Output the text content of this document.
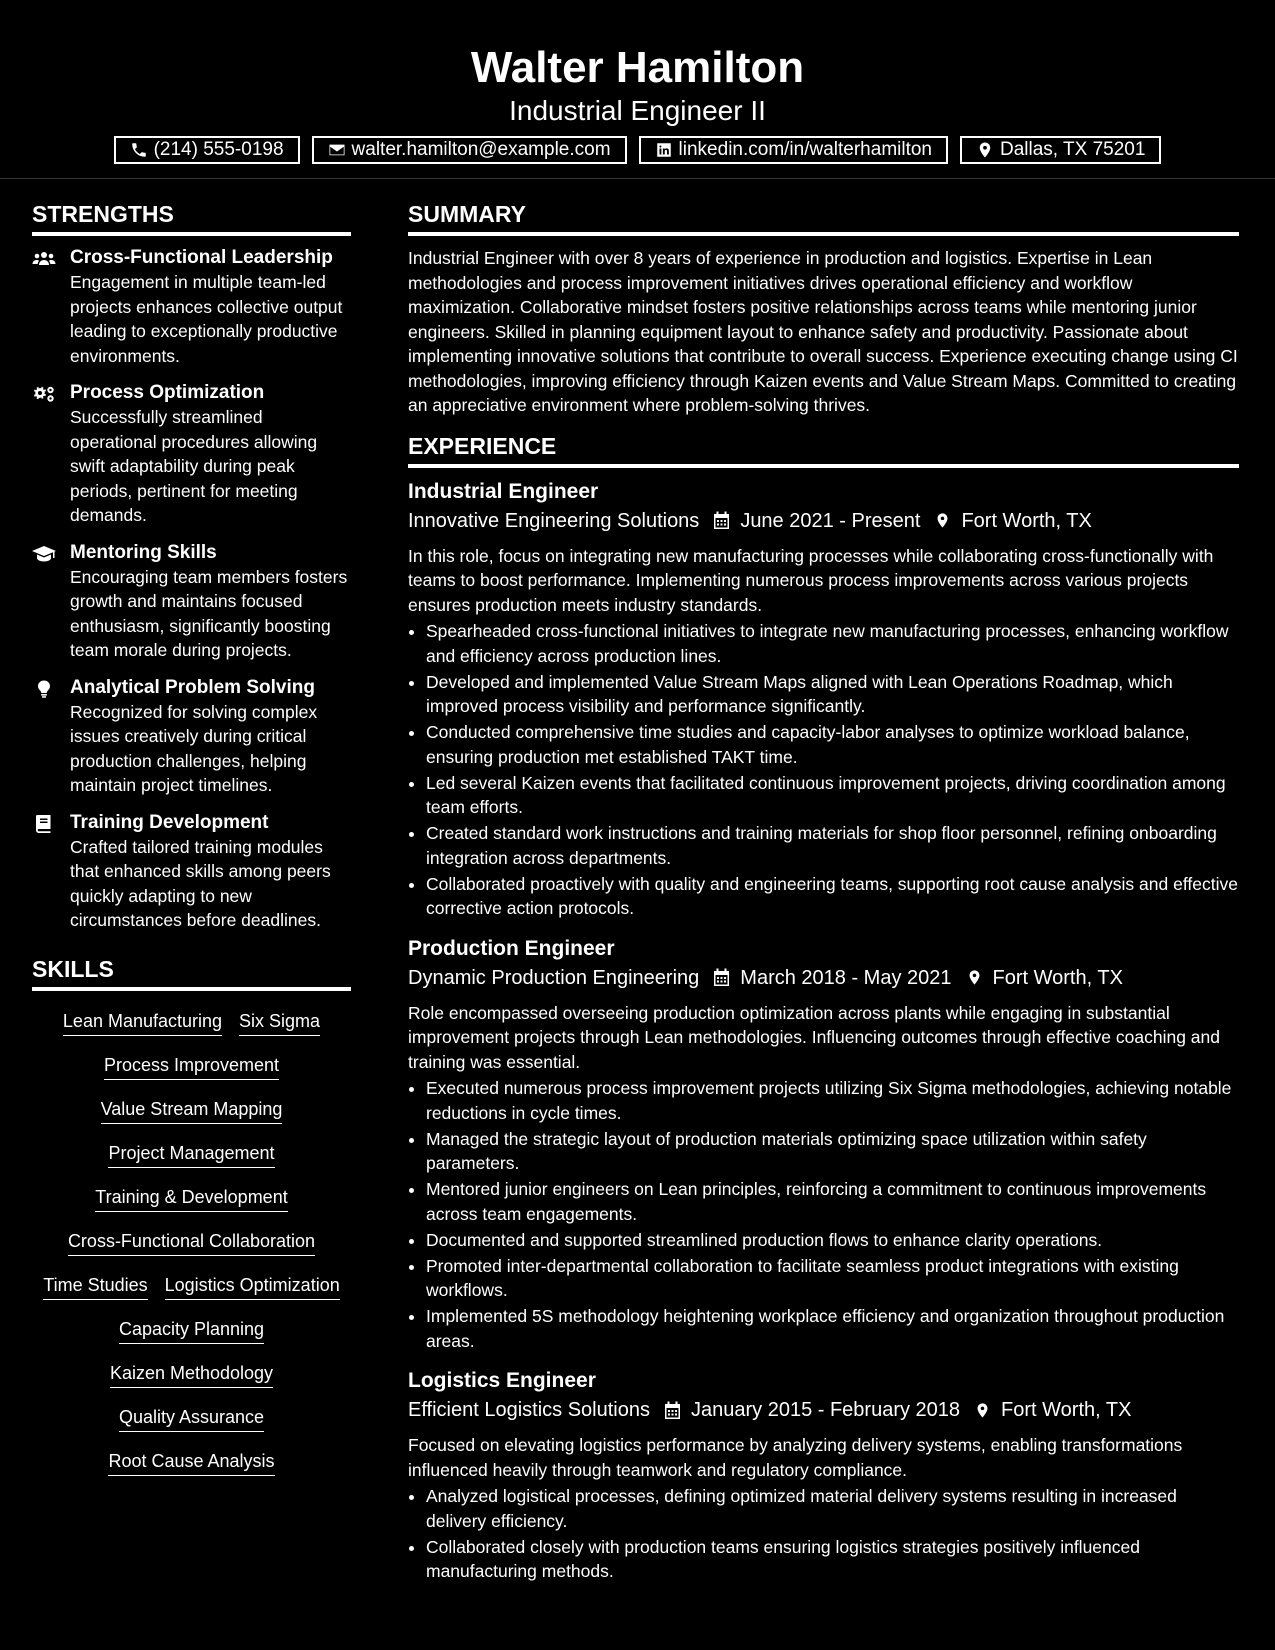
Walter Hamilton
Industrial Engineer II
(214) 555-0198	walter.hamilton@example.com	linkedin.com/in/walterhamilton	Dallas, TX 75201
STRENGTHS
Cross-Functional Leadership
Engagement in multiple team-led projects enhances collective output leading to exceptionally productive environments.
Process Optimization
Successfully streamlined operational procedures allowing swift adaptability during peak periods, pertinent for meeting demands.
Mentoring Skills
Encouraging team members fosters growth and maintains focused enthusiasm, significantly boosting team morale during projects.
Analytical Problem Solving
Recognized for solving complex issues creatively during critical production challenges, helping maintain project timelines.
Training Development
Crafted tailored training modules that enhanced skills among peers quickly adapting to new circumstances before deadlines.
SKILLS
Lean Manufacturing Six Sigma
Process Improvement
Value Stream Mapping
Project Management
Training & Development
Cross-Functional Collaboration
Time Studies Logistics Optimization
Capacity Planning
Kaizen Methodology
Quality Assurance
Root Cause Analysis
SUMMARY

Industrial Engineer with over 8 years of experience in production and logistics. Expertise in Lean methodologies and process improvement initiatives drives operational efficiency and workflow maximization. Collaborative mindset fosters positive relationships across teams while mentoring junior engineers. Skilled in planning equipment layout to enhance safety and productivity. Passionate about implementing innovative solutions that contribute to overall success. Experience executing change using CI methodologies, improving efficiency through Kaizen events and Value Stream Maps. Committed to creating an appreciative environment where problem-solving thrives.

EXPERIENCE
Industrial Engineer
Innovative Engineering Solutions June 2021 - Present Fort Worth, TX
In this role, focus on integrating new manufacturing processes while collaborating cross-functionally with teams to boost performance. Implementing numerous process improvements across various projects ensures production meets industry standards.
• Spearheaded cross-functional initiatives to integrate new manufacturing processes, enhancing workflow and efficiency across production lines.
• Developed and implemented Value Stream Maps aligned with Lean Operations Roadmap, which improved process visibility and performance significantly.
• Conducted comprehensive time studies and capacity-labor analyses to optimize workload balance, ensuring production met established TAKT time.
• Led several Kaizen events that facilitated continuous improvement projects, driving coordination among team efforts.
• Created standard work instructions and training materials for shop floor personnel, refining onboarding integration across departments.
• Collaborated proactively with quality and engineering teams, supporting root cause analysis and effective corrective action protocols.
Production Engineer
Dynamic Production Engineering March 2018 - May 2021 Fort Worth, TX
Role encompassed overseeing production optimization across plants while engaging in substantial improvement projects through Lean methodologies. Influencing outcomes through effective coaching and training was essential.
• Executed numerous process improvement projects utilizing Six Sigma methodologies, achieving notable reductions in cycle times.
• Managed the strategic layout of production materials optimizing space utilization within safety parameters.
• Mentored junior engineers on Lean principles, reinforcing a commitment to continuous improvements across team engagements.
• Documented and supported streamlined production flows to enhance clarity operations.
• Promoted inter-departmental collaboration to facilitate seamless product integrations with existing workflows.
• Implemented 5S methodology heightening workplace efficiency and organization throughout production areas.
Logistics Engineer
Efficient Logistics Solutions January 2015 - February 2018 Fort Worth, TX
Focused on elevating logistics performance by analyzing delivery systems, enabling transformations influenced heavily through teamwork and regulatory compliance.
• Analyzed logistical processes, defining optimized material delivery systems resulting in increased delivery efficiency.
• Collaborated closely with production teams ensuring logistics strategies positively influenced manufacturing methods.
